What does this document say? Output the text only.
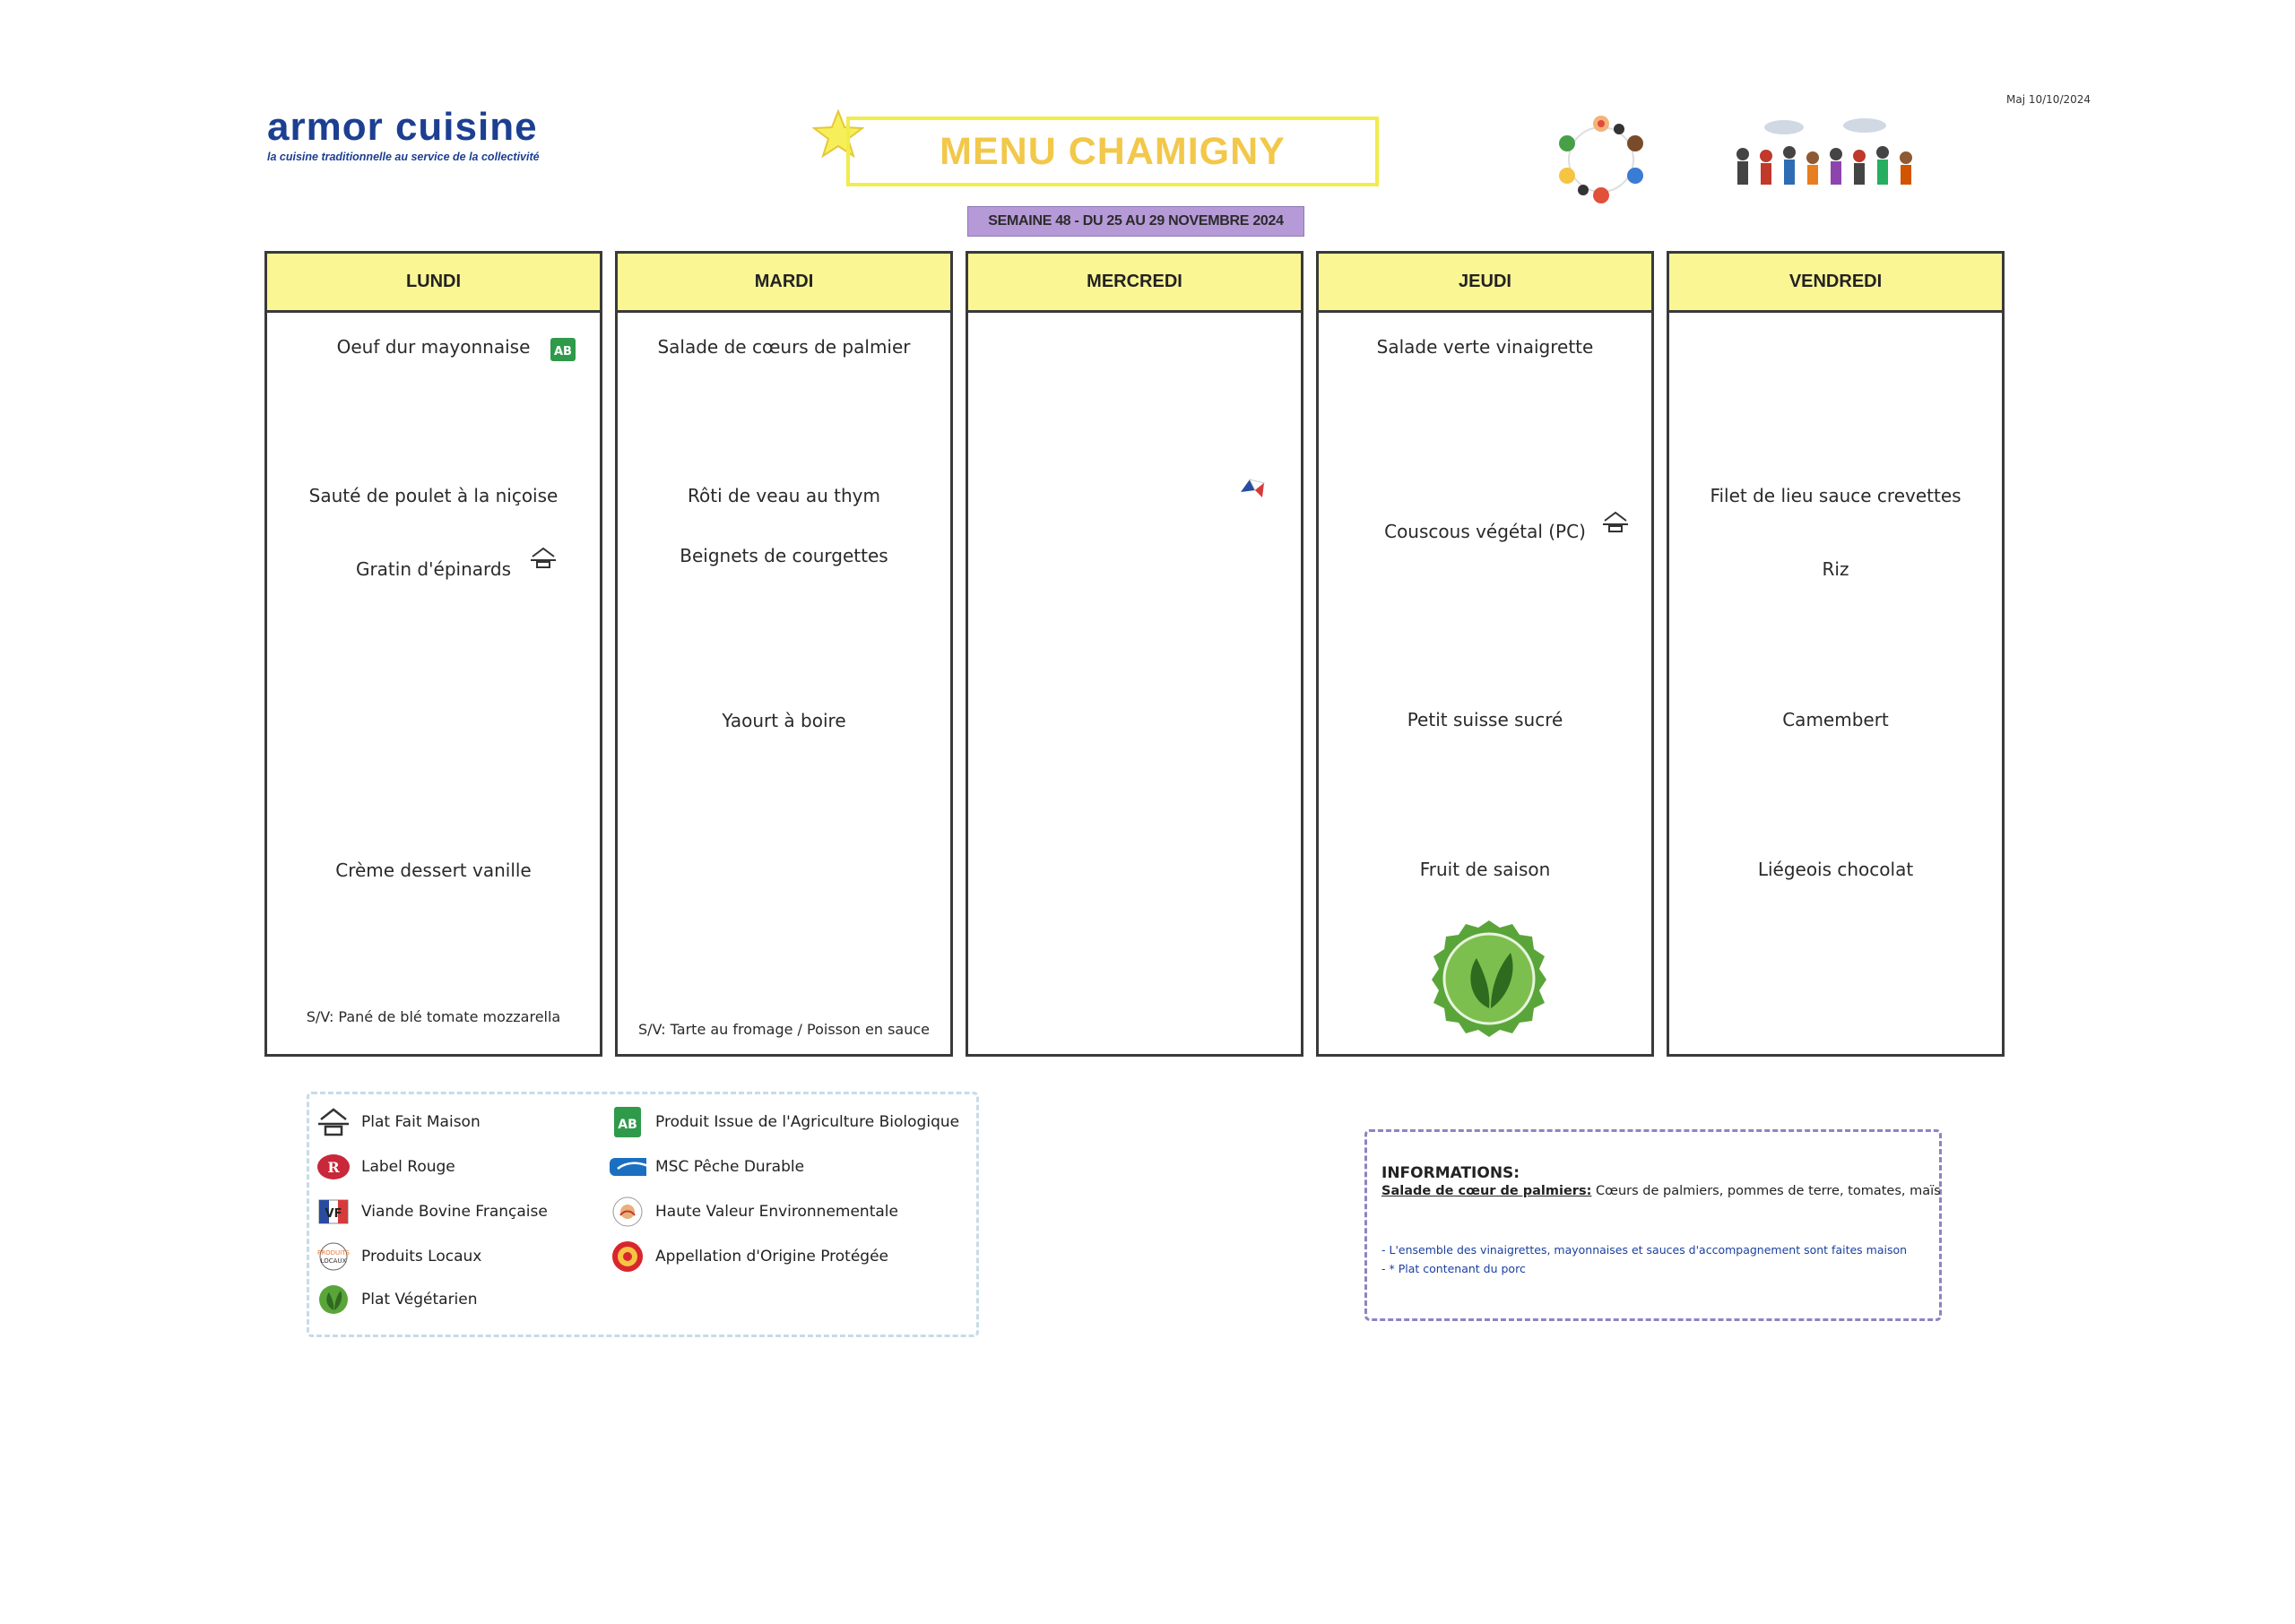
armor cuisine
la cuisine traditionnelle au service de la collectivité
Maj 10/10/2024
MENU CHAMIGNY
SEMAINE 48 - DU 25 AU 29 NOVEMBRE 2024
LUNDI
Oeuf dur mayonnaise	AB
Sauté de poulet à la niçoise
Gratin d'épinards
Crème dessert vanille
S/V: Pané de blé tomate mozzarella
MARDI
Salade de cœurs de palmier
Rôti de veau au thym
Beignets de courgettes
Yaourt à boire
S/V: Tarte au fromage / Poisson en sauce
MERCREDI	JEUDI
Salade verte vinaigrette
Couscous végétal (PC)
Petit suisse sucré
Fruit de saison
VENDREDI
Filet de lieu sauce crevettes
Riz
Camembert
Liégeois chocolat
Plat Fait Maison
R Label Rouge
VF Viande Bovine Française
PRODUITS
LOCAUX Produits Locaux
Plat Végétarien
AB Produit Issue de l'Agriculture Biologique
MSC Pêche Durable
Haute Valeur Environnementale
Appellation d'Origine Protégée
INFORMATIONS:
Salade de cœur de palmiers: Cœurs de palmiers, pommes de terre, tomates, maïs
- L'ensemble des vinaigrettes, mayonnaises et sauces d'accompagnement sont faites maison
- * Plat contenant du porc
